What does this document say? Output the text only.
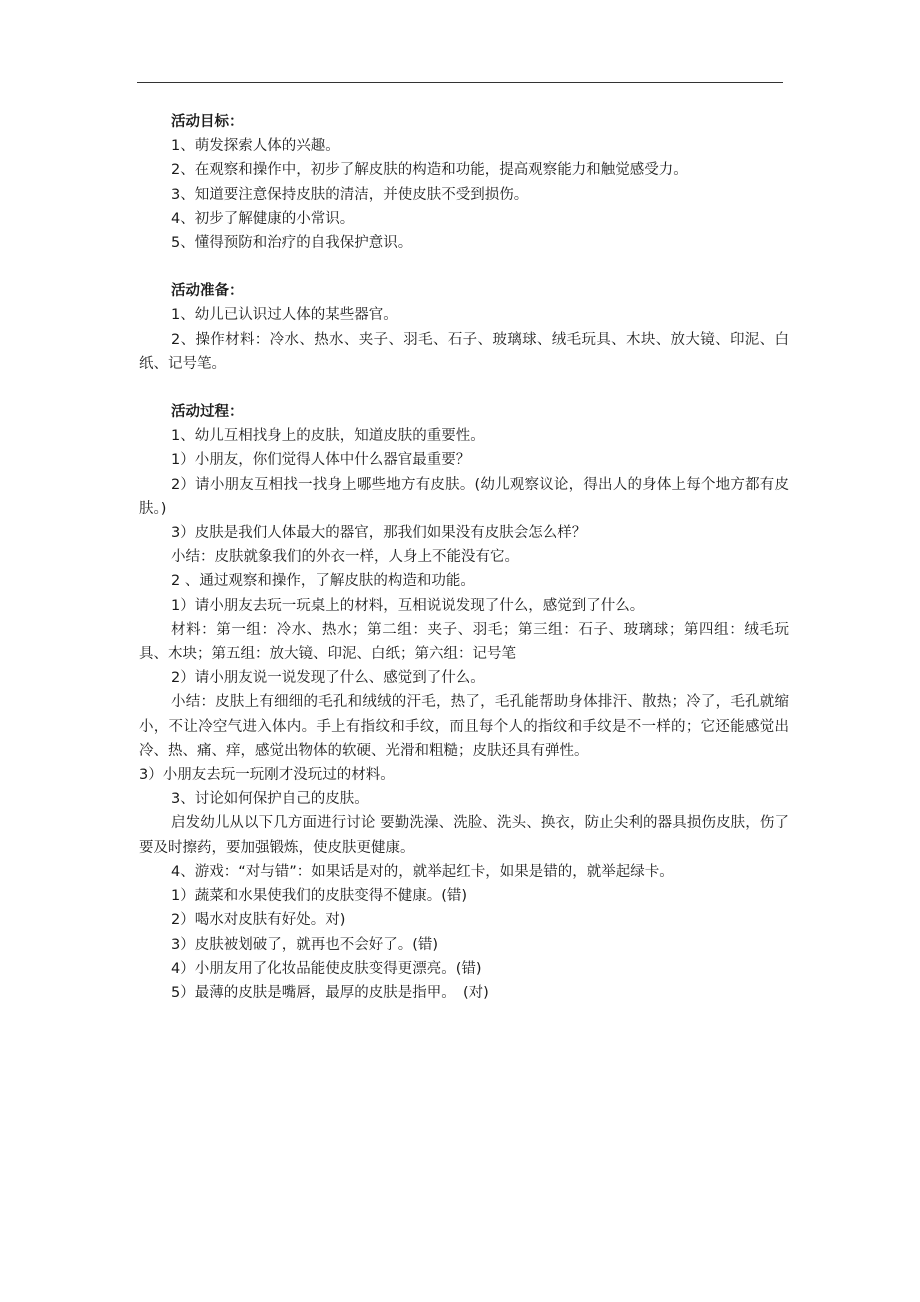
活动目标：

1、萌发探索人体的兴趣。

2、在观察和操作中，初步了解皮肤的构造和功能，提高观察能力和触觉感受力。

3、知道要注意保持皮肤的清洁，并使皮肤不受到损伤。

4、初步了解健康的小常识。

5、懂得预防和治疗的自我保护意识。

活动准备：

1、幼儿已认识过人体的某些器官。

2、操作材料：冷水、热水、夹子、羽毛、石子、玻璃球、绒毛玩具、木块、放大镜、印泥、白纸、记号笔。

活动过程：

1、幼儿互相找身上的皮肤，知道皮肤的重要性。

1）小朋友，你们觉得人体中什么器官最重要？

2）请小朋友互相找一找身上哪些地方有皮肤。(幼儿观察议论，得出人的身体上每个地方都有皮肤。)

3）皮肤是我们人体最大的器官，那我们如果没有皮肤会怎么样？

小结：皮肤就象我们的外衣一样，人身上不能没有它。

2 、通过观察和操作，了解皮肤的构造和功能。

1）请小朋友去玩一玩桌上的材料，互相说说发现了什么，感觉到了什么。

材料：第一组：冷水、热水；第二组：夹子、羽毛；第三组：石子、玻璃球；第四组：绒毛玩具、木块；第五组：放大镜、印泥、白纸；第六组：记号笔

2）请小朋友说一说发现了什么、感觉到了什么。

小结：皮肤上有细细的毛孔和绒绒的汗毛，热了，毛孔能帮助身体排汗、散热；冷了，毛孔就缩小，不让冷空气进入体内。手上有指纹和手纹，而且每个人的指纹和手纹是不一样的；它还能感觉出冷、热、痛、痒，感觉出物体的软硬、光滑和粗糙；皮肤还具有弹性。

3）小朋友去玩一玩刚才没玩过的材料。

3、讨论如何保护自己的皮肤。

启发幼儿从以下几方面进行讨论 要勤洗澡、洗脸、洗头、换衣，防止尖利的器具损伤皮肤，伤了要及时擦药，要加强锻炼，使皮肤更健康。

4、游戏：“对与错”：如果话是对的，就举起红卡，如果是错的，就举起绿卡。

1）蔬菜和水果使我们的皮肤变得不健康。(错)

2）喝水对皮肤有好处。对)

3）皮肤被划破了，就再也不会好了。(错)

4）小朋友用了化妆品能使皮肤变得更漂亮。(错)

5）最薄的皮肤是嘴唇，最厚的皮肤是指甲。　(对)
